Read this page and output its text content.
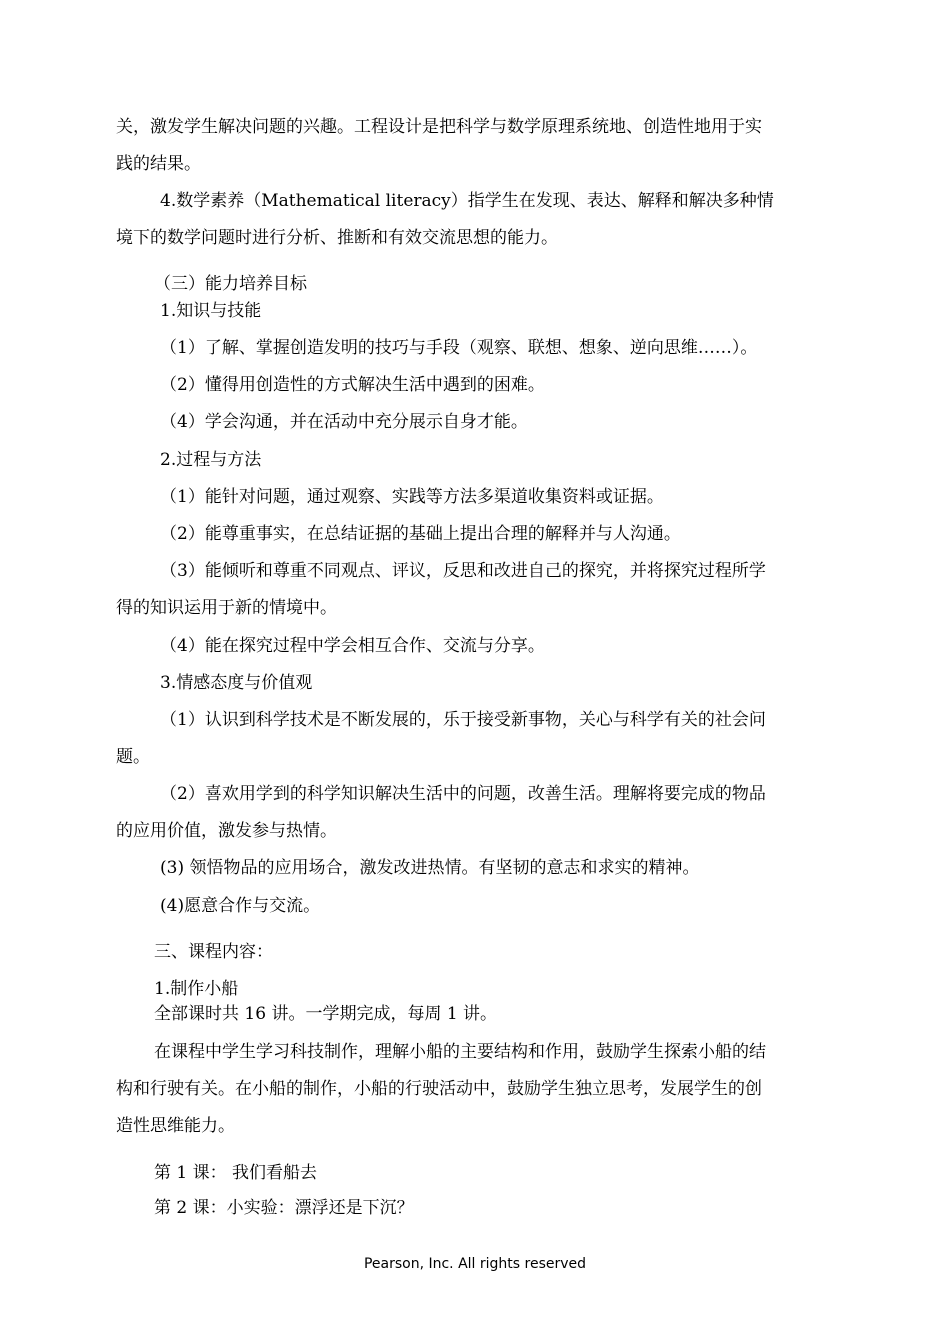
关，激发学生解决问题的兴趣。工程设计是把科学与数学原理系统地、创造性地用于实
践的结果。
4.数学素养（Mathematical literacy）指学生在发现、表达、解释和解决多种情
境下的数学问题时进行分析、推断和有效交流思想的能力。
（三）能力培养目标
1.知识与技能
（1）了解、掌握创造发明的技巧与手段（观察、联想、想象、逆向思维……）。
（2）懂得用创造性的方式解决生活中遇到的困难。
（4）学会沟通，并在活动中充分展示自身才能。
2.过程与方法
（1）能针对问题，通过观察、实践等方法多渠道收集资料或证据。
（2）能尊重事实，在总结证据的基础上提出合理的解释并与人沟通。
（3）能倾听和尊重不同观点、评议，反思和改进自己的探究，并将探究过程所学
得的知识运用于新的情境中。
（4）能在探究过程中学会相互合作、交流与分享。
3.情感态度与价值观
（1）认识到科学技术是不断发展的，乐于接受新事物，关心与科学有关的社会问
题。
（2）喜欢用学到的科学知识解决生活中的问题，改善生活。理解将要完成的物品
的应用价值，激发参与热情。
(3) 领悟物品的应用场合，激发改进热情。有坚韧的意志和求实的精神。
(4)愿意合作与交流。
三、课程内容：
1.制作小船
全部课时共 16 讲。一学期完成，每周 1 讲。
在课程中学生学习科技制作，理解小船的主要结构和作用，鼓励学生探索小船的结
构和行驶有关。在小船的制作，小船的行驶活动中，鼓励学生独立思考，发展学生的创
造性思维能力。
第 1 课： 我们看船去
第 2 课：小实验：漂浮还是下沉？
Pearson, Inc. All rights reserved
